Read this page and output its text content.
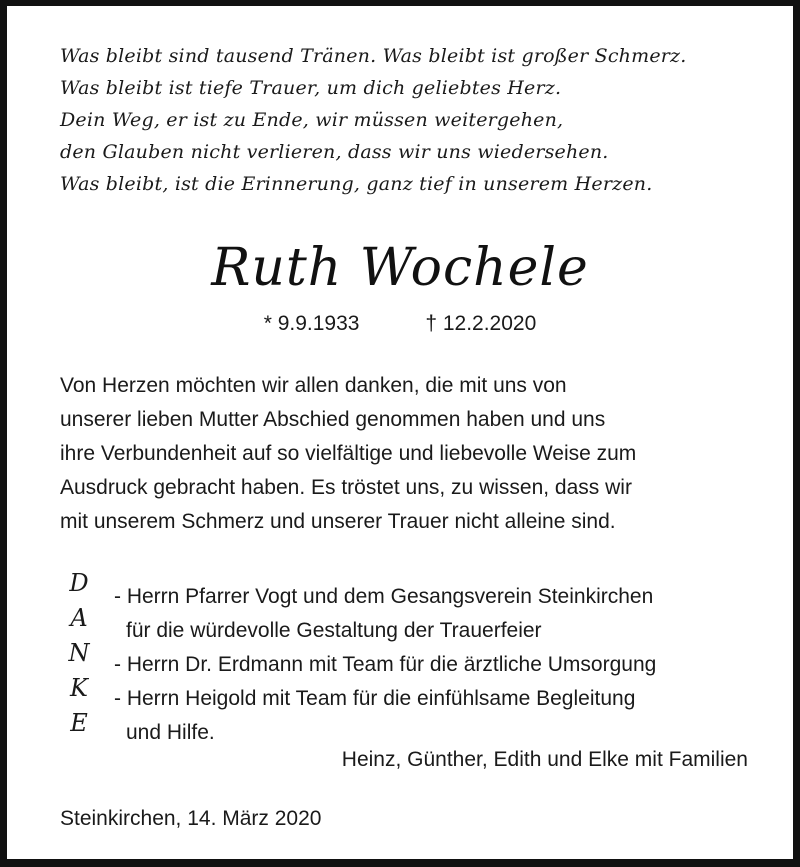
Was bleibt sind tausend Tränen. Was bleibt ist großer Schmerz.
Was bleibt ist tiefe Trauer, um dich geliebtes Herz.
Dein Weg, er ist zu Ende, wir müssen weitergehen,
den Glauben nicht verlieren, dass wir uns wiedersehen.
Was bleibt, ist die Erinnerung, ganz tief in unserem Herzen.
Ruth Wochele
* 9.9.1933	† 12.2.2020
Von Herzen möchten wir allen danken, die mit uns von
unserer lieben Mutter Abschied genommen haben und uns
ihre Verbundenheit auf so vielfältige und liebevolle Weise zum
Ausdruck gebracht haben. Es tröstet uns, zu wissen, dass wir
mit unserem Schmerz und unserer Trauer nicht alleine sind.
D
A
N
K
E
- Herrn Pfarrer Vogt und dem Gesangsverein Steinkirchen
für die würdevolle Gestaltung der Trauerfeier
- Herrn Dr. Erdmann mit Team für die ärztliche Umsorgung
- Herrn Heigold mit Team für die einfühlsame Begleitung
und Hilfe.
Heinz, Günther, Edith und Elke mit Familien
Steinkirchen, 14. März 2020
